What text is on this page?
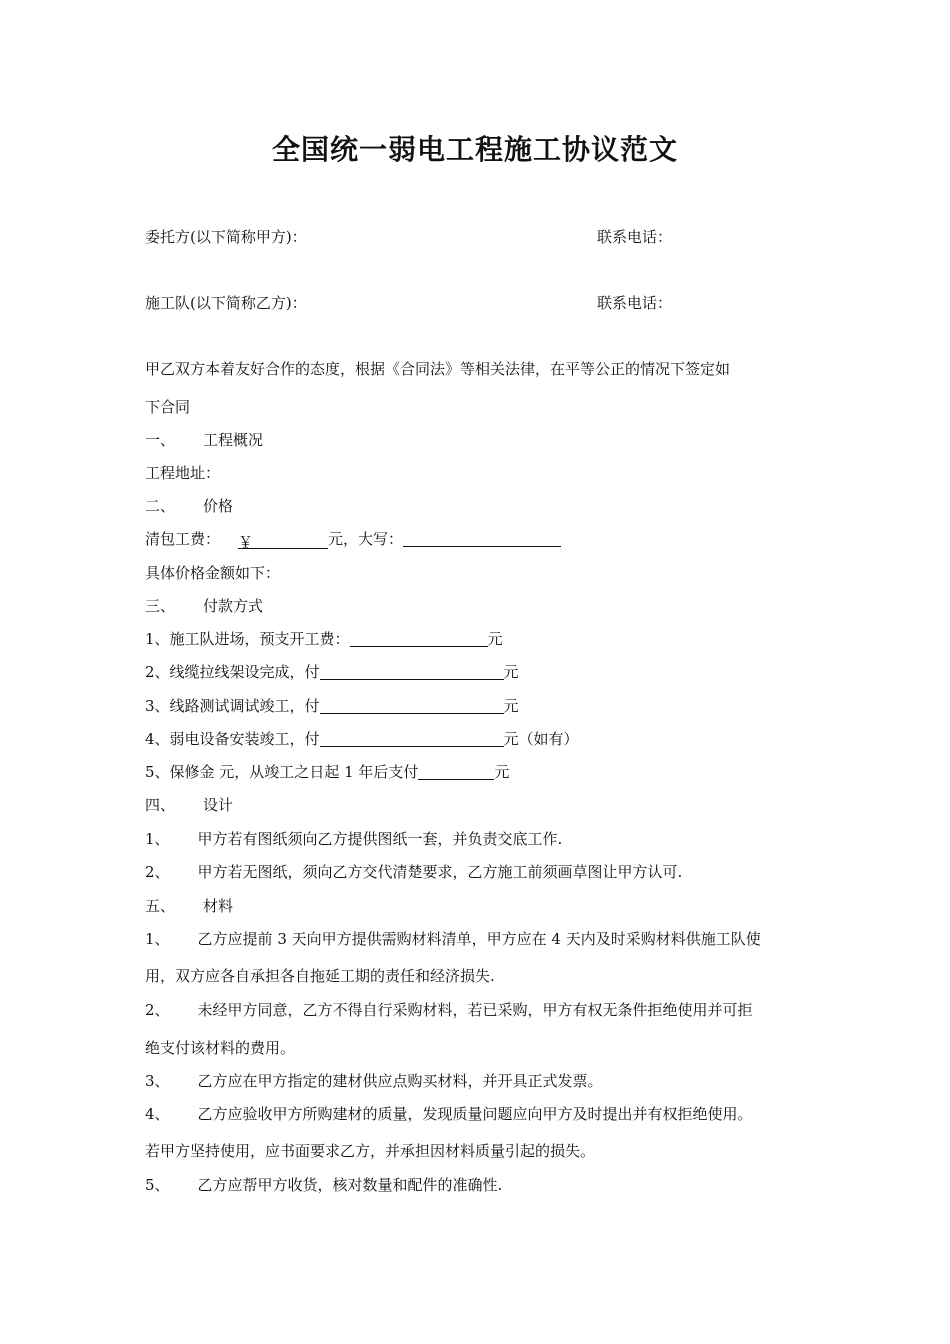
全国统一弱电工程施工协议范文
委托方(以下简称甲方)：	联系电话：
施工队(以下简称乙方)：	联系电话：
甲乙双方本着友好合作的态度，根据《合同法》等相关法律，在平等公正的情况下签定如
下合同
一、 工程概况
工程地址：
二、 价格
清包工费： ￥	元，大写：
具体价格金额如下：
三、 付款方式
1、施工队进场，预支开工费：	元
2、线缆拉线架设完成，付	元
3、线路测试调试竣工，付	元
4、弱电设备安装竣工，付	元（如有）
5、保修金 元，从竣工之日起 1 年后支付	元
四、 设计
1、 甲方若有图纸须向乙方提供图纸一套，并负责交底工作.
2、 甲方若无图纸，须向乙方交代清楚要求，乙方施工前须画草图让甲方认可.
五、 材料
1、 乙方应提前 3 天向甲方提供需购材料清单，甲方应在 4 天内及时采购材料供施工队使
用，双方应各自承担各自拖延工期的责任和经济损失.
2、 未经甲方同意，乙方不得自行采购材料，若已采购，甲方有权无条件拒绝使用并可拒
绝支付该材料的费用。
3、 乙方应在甲方指定的建材供应点购买材料，并开具正式发票。
4、 乙方应验收甲方所购建材的质量，发现质量问题应向甲方及时提出并有权拒绝使用。
若甲方坚持使用，应书面要求乙方，并承担因材料质量引起的损失。
5、 乙方应帮甲方收货，核对数量和配件的准确性.
